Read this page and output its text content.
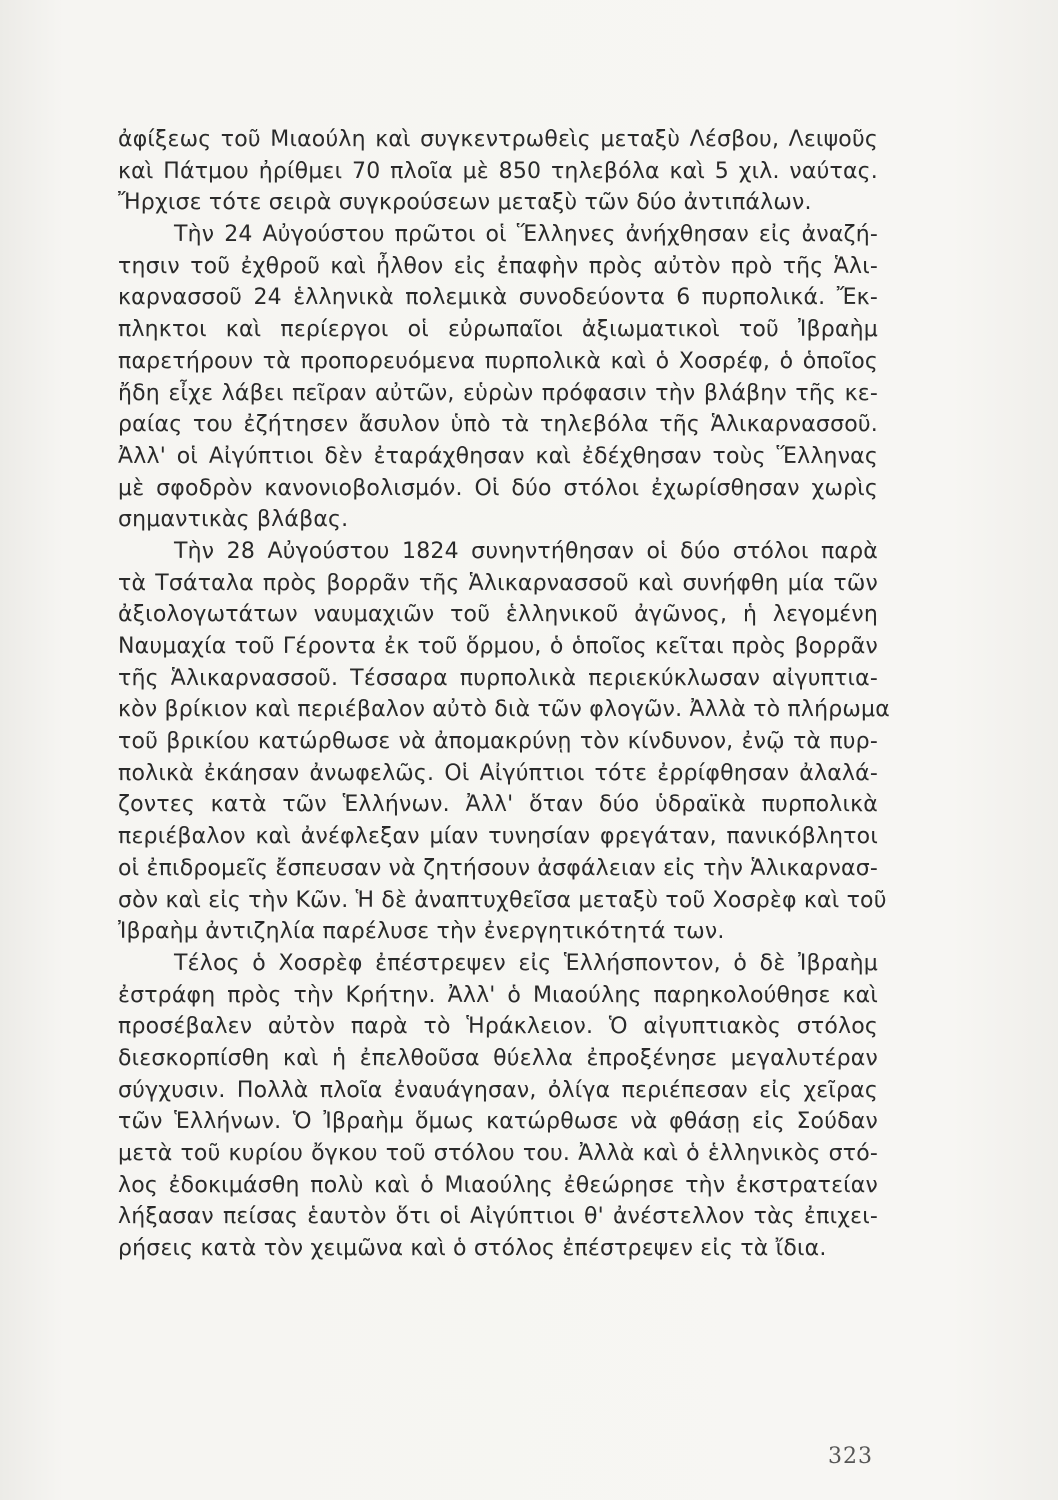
ἀφίξεως τοῦ Μιαούλη καὶ συγκεντρωθεὶς μεταξὺ Λέσβου, Λειψοῦς
καὶ Πάτμου ἠρίθμει 70 πλοῖα μὲ 850 τηλεβόλα καὶ 5 χιλ. ναύτας.
Ἤρχισε τότε σειρὰ συγκρούσεων μεταξὺ τῶν δύο ἀντιπάλων.
Τὴν 24 Αὐγούστου πρῶτοι οἱ Ἕλληνες ἀνήχθησαν εἰς ἀναζή-
τησιν τοῦ ἐχθροῦ καὶ ἦλθον εἰς ἐπαφὴν πρὸς αὐτὸν πρὸ τῆς Ἁλι-
καρνασσοῦ 24 ἑλληνικὰ πολεμικὰ συνοδεύοντα 6 πυρπολικά. Ἔκ-
πληκτοι καὶ περίεργοι οἱ εὐρωπαῖοι ἀξιωματικοὶ τοῦ Ἰβραὴμ
παρετήρουν τὰ προπορευόμενα πυρπολικὰ καὶ ὁ Χοσρέφ, ὁ ὁποῖος
ἤδη εἶχε λάβει πεῖραν αὐτῶν, εὑρὼν πρόφασιν τὴν βλάβην τῆς κε-
ραίας του ἐζήτησεν ἄσυλον ὑπὸ τὰ τηλεβόλα τῆς Ἁλικαρνασσοῦ.
Ἀλλ' οἱ Αἰγύπτιοι δὲν ἐταράχθησαν καὶ ἐδέχθησαν τοὺς Ἕλληνας
μὲ σφοδρὸν κανονιοβολισμόν. Οἱ δύο στόλοι ἐχωρίσθησαν χωρὶς
σημαντικὰς βλάβας.
Τὴν 28 Αὐγούστου 1824 συνηντήθησαν οἱ δύο στόλοι παρὰ
τὰ Τσάταλα πρὸς βορρᾶν τῆς Ἁλικαρνασσοῦ καὶ συνήφθη μία τῶν
ἀξιολογωτάτων ναυμαχιῶν τοῦ ἑλληνικοῦ ἀγῶνος, ἡ λεγομένη
Ναυμαχία τοῦ Γέροντα ἐκ τοῦ ὅρμου, ὁ ὁποῖος κεῖται πρὸς βορρᾶν
τῆς Ἁλικαρνασσοῦ. Τέσσαρα πυρπολικὰ περιεκύκλωσαν αἰγυπτια-
κὸν βρίκιον καὶ περιέβαλον αὐτὸ διὰ τῶν φλογῶν. Ἀλλὰ τὸ πλήρωμα
τοῦ βρικίου κατώρθωσε νὰ ἀπομακρύνῃ τὸν κίνδυνον, ἐνῷ τὰ πυρ-
πολικὰ ἐκάησαν ἀνωφελῶς. Οἱ Αἰγύπτιοι τότε ἐρρίφθησαν ἀλαλά-
ζοντες κατὰ τῶν Ἑλλήνων. Ἀλλ' ὅταν δύο ὑδραϊκὰ πυρπολικὰ
περιέβαλον καὶ ἀνέφλεξαν μίαν τυνησίαν φρεγάταν, πανικόβλητοι
οἱ ἐπιδρομεῖς ἔσπευσαν νὰ ζητήσουν ἀσφάλειαν εἰς τὴν Ἁλικαρνασ-
σὸν καὶ εἰς τὴν Κῶν. Ἡ δὲ ἀναπτυχθεῖσα μεταξὺ τοῦ Χοσρὲφ καὶ τοῦ
Ἰβραὴμ ἀντιζηλία παρέλυσε τὴν ἐνεργητικότητά των.
Τέλος ὁ Χοσρὲφ ἐπέστρεψεν εἰς Ἑλλήσποντον, ὁ δὲ Ἰβραὴμ
ἐστράφη πρὸς τὴν Κρήτην. Ἀλλ' ὁ Μιαούλης παρηκολούθησε καὶ
προσέβαλεν αὐτὸν παρὰ τὸ Ἡράκλειον. Ὁ αἰγυπτιακὸς στόλος
διεσκορπίσθη καὶ ἡ ἐπελθοῦσα θύελλα ἐπροξένησε μεγαλυτέραν
σύγχυσιν. Πολλὰ πλοῖα ἐναυάγησαν, ὀλίγα περιέπεσαν εἰς χεῖρας
τῶν Ἑλλήνων. Ὁ Ἰβραὴμ ὅμως κατώρθωσε νὰ φθάσῃ εἰς Σούδαν
μετὰ τοῦ κυρίου ὄγκου τοῦ στόλου του. Ἀλλὰ καὶ ὁ ἑλληνικὸς στό-
λος ἐδοκιμάσθη πολὺ καὶ ὁ Μιαούλης ἐθεώρησε τὴν ἐκστρατείαν
λήξασαν πείσας ἑαυτὸν ὅτι οἱ Αἰγύπτιοι θ' ἀνέστελλον τὰς ἐπιχει-
ρήσεις κατὰ τὸν χειμῶνα καὶ ὁ στόλος ἐπέστρεψεν εἰς τὰ ἴδια.
323
